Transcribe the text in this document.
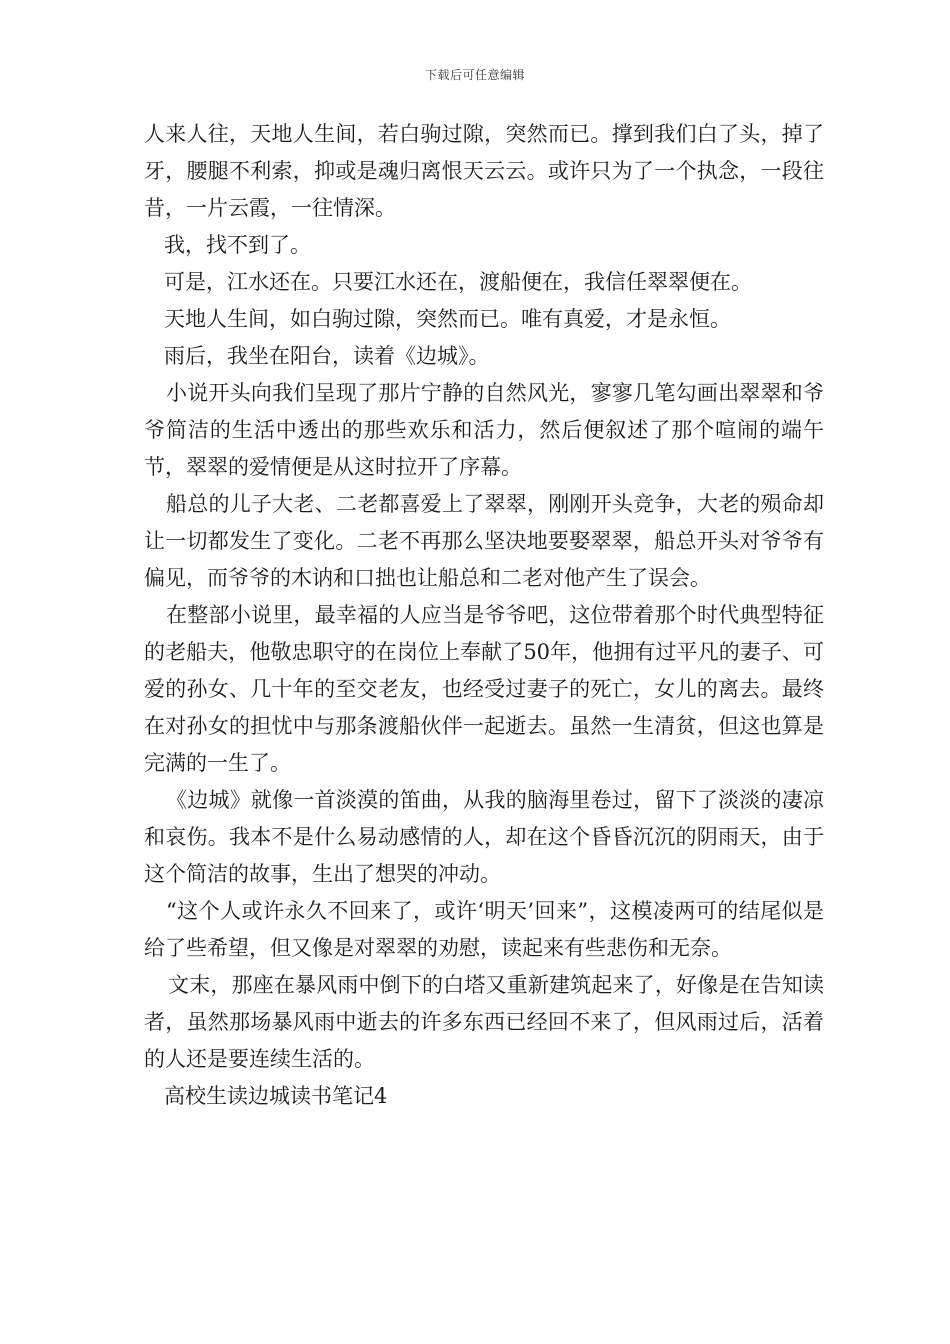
下载后可任意编辑

人来人往，天地人生间，若白驹过隙，突然而已。撑到我们白了头，掉了牙，腰腿不利索，抑或是魂归离恨天云云。或许只为了一个执念，一段往昔，一片云霞，一往情深。

我，找不到了。

可是，江水还在。只要江水还在，渡船便在，我信任翠翠便在。

天地人生间，如白驹过隙，突然而已。唯有真爱，才是永恒。

雨后，我坐在阳台，读着《边城》。

小说开头向我们呈现了那片宁静的自然风光，寥寥几笔勾画出翠翠和爷爷简洁的生活中透出的那些欢乐和活力，然后便叙述了那个喧闹的端午节，翠翠的爱情便是从这时拉开了序幕。

船总的儿子大老、二老都喜爱上了翠翠，刚刚开头竞争，大老的殒命却让一切都发生了变化。二老不再那么坚决地要娶翠翠，船总开头对爷爷有偏见，而爷爷的木讷和口拙也让船总和二老对他产生了误会。

在整部小说里，最幸福的人应当是爷爷吧，这位带着那个时代典型特征的老船夫，他敬忠职守的在岗位上奉献了50年，他拥有过平凡的妻子、可爱的孙女、几十年的至交老友，也经受过妻子的死亡，女儿的离去。最终在对孙女的担忧中与那条渡船伙伴一起逝去。虽然一生清贫，但这也算是完满的一生了。

《边城》就像一首淡漠的笛曲，从我的脑海里卷过，留下了淡淡的凄凉和哀伤。我本不是什么易动感情的人，却在这个昏昏沉沉的阴雨天，由于这个简洁的故事，生出了想哭的冲动。

“这个人或许永久不回来了，或许‘明天’回来”，这模凌两可的结尾似是给了些希望，但又像是对翠翠的劝慰，读起来有些悲伤和无奈。

文末，那座在暴风雨中倒下的白塔又重新建筑起来了，好像是在告知读者，虽然那场暴风雨中逝去的许多东西已经回不来了，但风雨过后，活着的人还是要连续生活的。

高校生读边城读书笔记4
